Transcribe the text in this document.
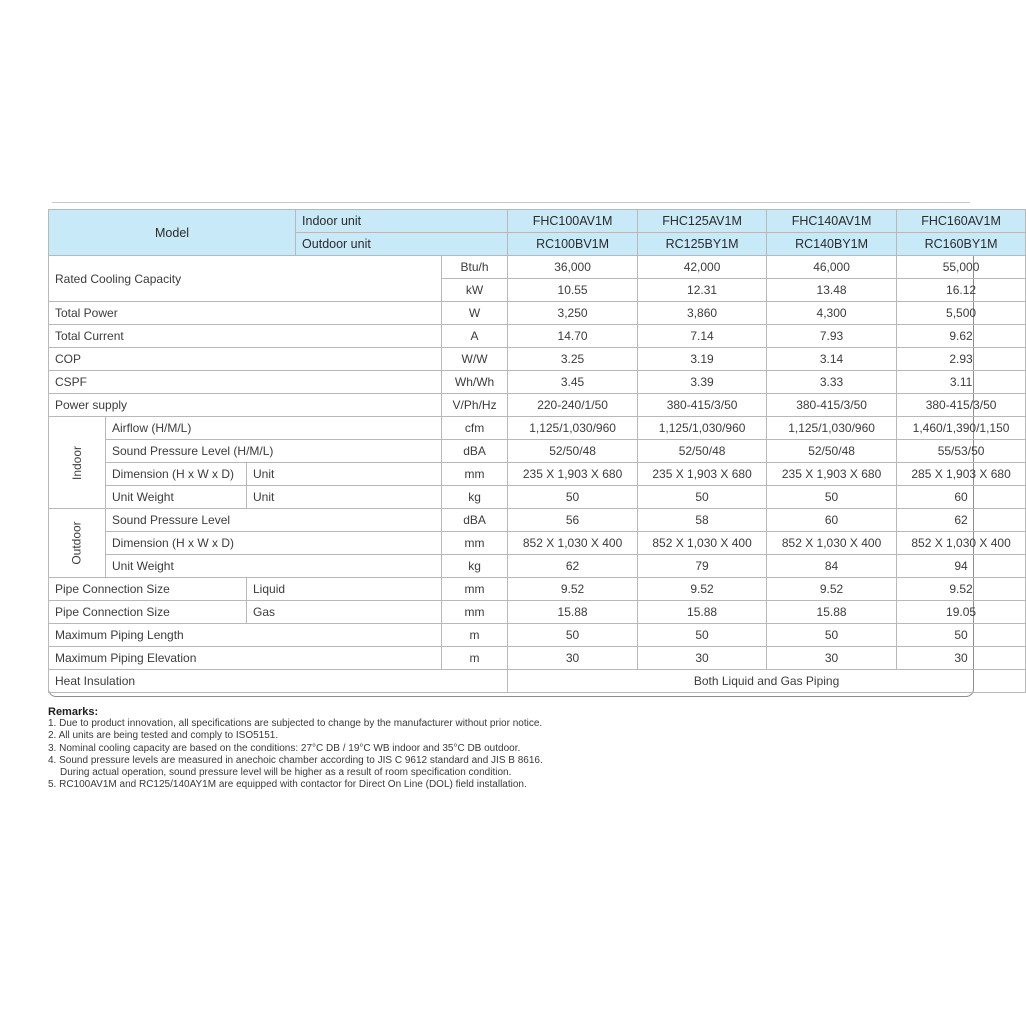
Model			Indoor unit		FHC100AV1M	FHC125AV1M	FHC140AV1M	FHC160AV1M
			Outdoor unit		RC100BV1M	RC125BY1M	RC140BY1M	RC160BY1M
Rated Cooling Capacity				Btu/h	36,000	42,000	46,000	55,000
				kW	10.55	12.31	13.48	16.12
Total Power				W	3,250	3,860	4,300	5,500
Total Current				A	14.70	7.14	7.93	9.62
COP				W/W	3.25	3.19	3.14	2.93
CSPF				Wh/Wh	3.45	3.39	3.33	3.11
Power supply				V/Ph/Hz	220-240/1/50	380-415/3/50	380-415/3/50	380-415/3/50
Indoor	Airflow (H/M/L)			cfm	1,125/1,030/960	1,125/1,030/960	1,125/1,030/960	1,460/1,390/1,150
	Sound Pressure Level (H/M/L)			dBA	52/50/48	52/50/48	52/50/48	55/53/50
	Dimension (H x W x D)	Unit		mm	235 X 1,903 X 680	235 X 1,903 X 680	235 X 1,903 X 680	285 X 1,903 X 680
	Unit Weight	Unit		kg	50	50	50	60
Outdoor	Sound Pressure Level			dBA	56	58	60	62
	Dimension (H x W x D)			mm	852 X 1,030 X 400	852 X 1,030 X 400	852 X 1,030 X 400	852 X 1,030 X 400
	Unit Weight			kg	62	79	84	94
Pipe Connection Size		Liquid		mm	9.52	9.52	9.52	9.52
Pipe Connection Size		Gas		mm	15.88	15.88	15.88	19.05
Maximum Piping Length				m	50	50	50	50
Maximum Piping Elevation				m	30	30	30	30
Heat Insulation					Both Liquid and Gas Piping			
Remarks:
1. Due to product innovation, all specifications are subjected to change by the manufacturer without prior notice.
2. All units are being tested and comply to ISO5151.
3. Nominal cooling capacity are based on the conditions: 27°C DB / 19°C WB indoor and 35°C DB outdoor.
4. Sound pressure levels are measured in anechoic chamber according to JIS C 9612 standard and JIS B 8616.
During actual operation, sound pressure level will be higher as a result of room specification condition.
5. RC100AV1M and RC125/140AY1M are equipped with contactor for Direct On Line (DOL) field installation.
